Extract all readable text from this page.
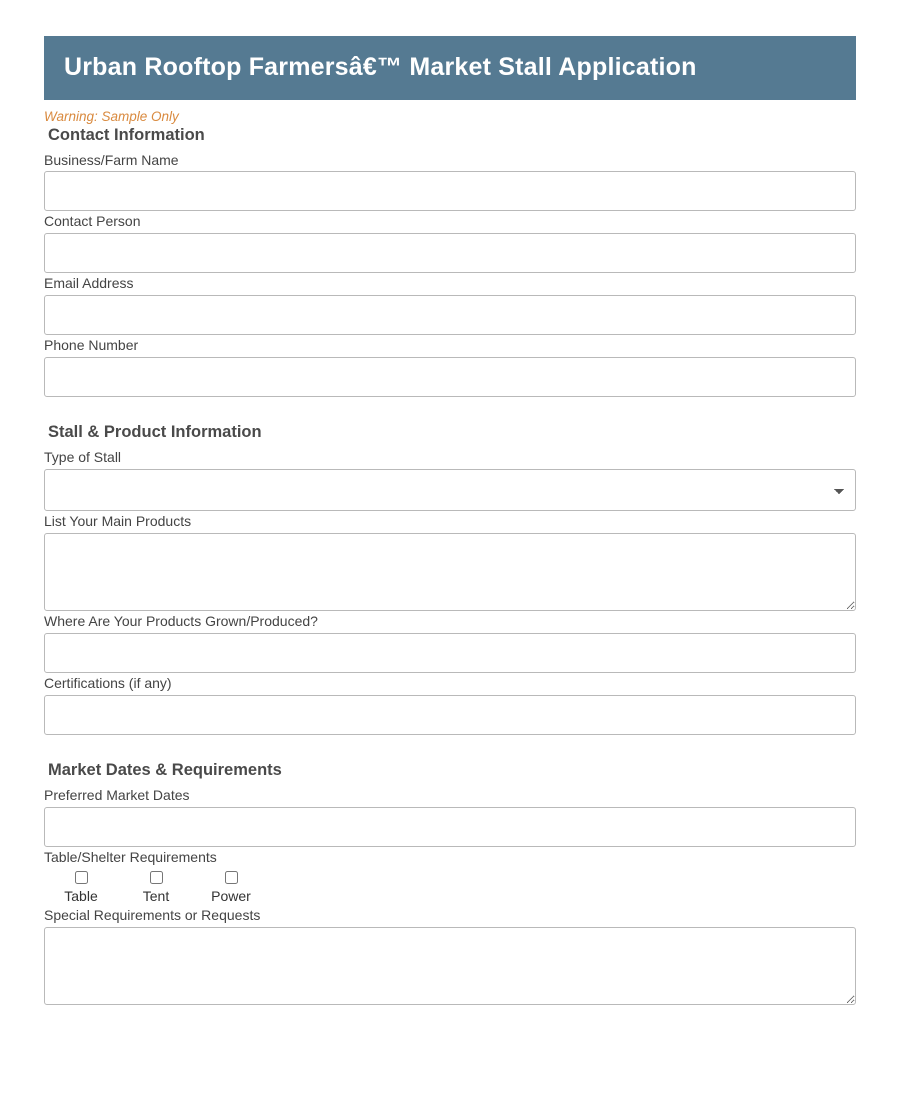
Urban Rooftop Farmersâ€™ Market Stall Application
Warning: Sample Only
Contact Information
Business/Farm Name
Contact Person
Email Address
Phone Number
Stall & Product Information
Type of Stall
List Your Main Products
Where Are Your Products Grown/Produced?
Certifications (if any)
Market Dates & Requirements
Preferred Market Dates
Table/Shelter Requirements
Table	Tent	Power
Special Requirements or Requests
